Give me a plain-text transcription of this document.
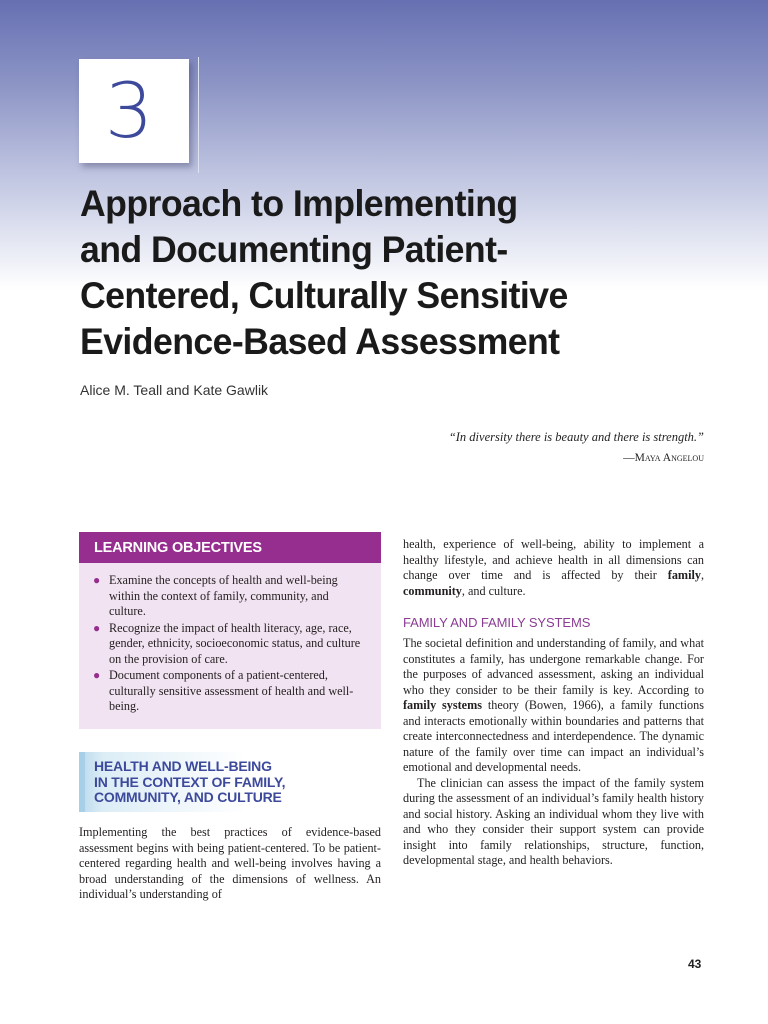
3
Approach to Implementing and Documenting Patient-Centered, Culturally Sensitive Evidence-Based Assessment
Alice M. Teall and Kate Gawlik
“In diversity there is beauty and there is strength.”
—Maya Angelou
LEARNING OBJECTIVES
● Examine the concepts of health and well-being within the context of family, community, and culture.
● Recognize the impact of health literacy, age, race, gender, ethnicity, socioeconomic status, and culture on the provision of care.
● Document components of a patient-centered, culturally sensitive assessment of health and well-being.
HEALTH AND WELL-BEING
IN THE CONTEXT OF FAMILY,
COMMUNITY, AND CULTURE

Implementing the best practices of evidence-based assessment begins with being patient-centered. To be patient-centered regarding health and well-being involves having a broad understanding of the dimensions of wellness. An individual’s understanding of

health, experience of well-being, ability to implement a healthy lifestyle, and achieve health in all dimensions can change over time and is affected by their family, community, and culture.

FAMILY AND FAMILY SYSTEMS

The societal definition and understanding of family, and what constitutes a family, has undergone remarkable change. For the purposes of advanced assessment, asking an individual who they consider to be their family is key. According to family systems theory (Bowen, 1966), a family functions and interacts emotionally within boundaries and patterns that create interconnectedness and interdependence. The dynamic nature of the family over time can impact an individual’s emotional and developmental needs.

The clinician can assess the impact of the family system during the assessment of an individual’s family health history and social history. Asking an individual whom they live with and who they consider their support system can provide insight into family relationships, structure, function, developmental stage, and health behaviors.

43
